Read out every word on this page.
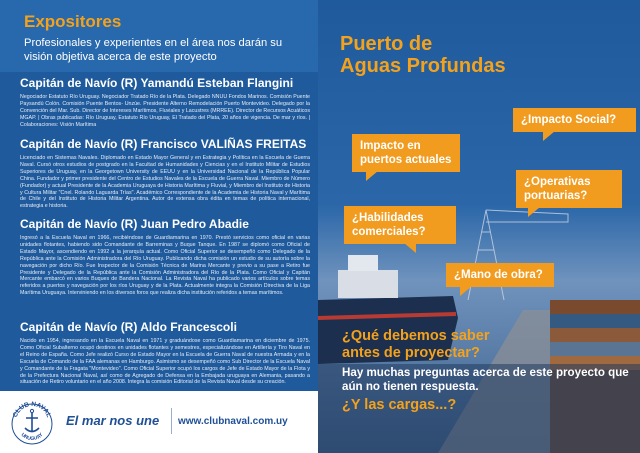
Expositores

Profesionales y experientes en el área nos darán su visión objetiva acerca de este proyecto

Capitán de Navío (R) Yamandú Esteban Flangini

Negociador Estatuto Río Uruguay. Negociador Tratado Río de la Plata. Delegado NNUU Fondos Marinos. Comisión Puente Paysandú Colón. Comisión Puente Bentos- Unzúe. Presidente Alterno Remodelación Puerto Montevideo. Delegado por la Convención del Mar. Sub. Director de Intereses Marítimos, Fluviales y Lacustres (MRREE). Director de Recursos Acuáticos MGAP. | Obras publicadas: Río Uruguay, Estatuto Río Uruguay, El Tratado del Plata, 20 años de vigencia. De mar y ríos. | Colaboraciones: Visión Marítima

Capitán de Navío (R) Francisco VALIÑAS FREITAS

Licenciado en Sistemas Navales. Diplomado en Estado Mayor General y en Estrategia y Política en la Escuela de Guerra Naval. Cursó otros estudios de postgrado en la Facultad de Humanidades y Ciencias y en el Instituto Militar de Estudios Superiores de Uruguay, en la Georgetown University de EEUU y en la Universidad Nacional de la República Popular China. Fundador y primer presidente del Centro de Estudios Navales de la Escuela de Guerra Naval. Miembro de Número (Fundador) y actual Presidente de la Academia Uruguaya de Historia Marítima y Fluvial, y Miembro del Instituto de Historia y Cultura Militar "Cnel. Rolando Laguarda Trías". Académico Correspondiente de la Academia de Historia Naval y Marítima de Chile y del Instituto de Historia Militar Argentina. Autor de extensa obra édita en temas de política internacional, estrategia e historia.

Capitán de Navío (R) Juan Pedro Abadie

Ingresó a la Escuela Naval en 1966, recibiéndose de Guardiamarina en 1970. Prestó servicios como oficial en varias unidades flotantes, habiendo sido Comandante de Barreminas y Buque Tanque. En 1987 se diplomó como Oficial de Estado Mayor, ascendiendo en 1992 a la jerarquía actual. Como Oficial Superior se desempeñó como Delegado de la República ante la Comisión Administradora del Río Uruguay. Publicando dicha comisión un estudio de su autoría sobre la navegación por dicho Río. Fue Inspector de la Comisión Técnica de Marina Mercante y previo a su pase a Retiro fue Presidente y Delegado de la República ante la Comisión Administradora del Río de la Plata. Como Oficial y Capitán Mercante embarcó en varios Buques de Bandera Nacional. La Revista Naval ha publicado varios artículos sobre temas referidos a puertos y navegación por los ríos Uruguay y de la Plata. Actualmente integra la Comisión Directiva de la Liga Marítima Uruguaya. Interviniendo en los diversos foros que realiza dicha institución referidos a temas marítimos.

Capitán de Navío (R) Aldo Francescoli

Nacido en 1954, ingresando en la Escuela Naval en 1971 y graduándose como Guardiamarina en diciembre de 1975. Como Oficial Subalterno ocupó destinos en unidades flotantes y semestres, especializándose en Artillería y Tiro Naval en el Reino de España. Como Jefe realizó Curso de Estado Mayor en la Escuela de Guerra Naval de nuestra Armada y en la Escuela de Comando de la FAA alemanas en Hamburgo. Asimismo se desempeñó como Sub Director de la Escuela Naval y Comandante de la Fragata "Montevideo". Como Oficial Superior ocupó los cargos de Jefe de Estado Mayor de la Flota y de la Prefectura Nacional Naval, así como de Agregado de Defensa en la Embajada uruguaya en Alemania, pasando a situación de Retiro voluntario en el año 2008. Integra la comisión Editorial de la Revista Naval desde su creación.

CLUB NAVAL
URUGUAY

El mar nos une www.clubnaval.com.uy
Puerto de
Aguas Profundas
Impacto en puertos actuales
¿Impacto Social?
¿Operativas portuarias?
¿Habilidades comerciales?
¿Mano de obra?

¿Qué debemos saber
antes de proyectar?

Hay muchas preguntas acerca de este proyecto que aún no tienen respuesta.

¿Y las cargas...?
